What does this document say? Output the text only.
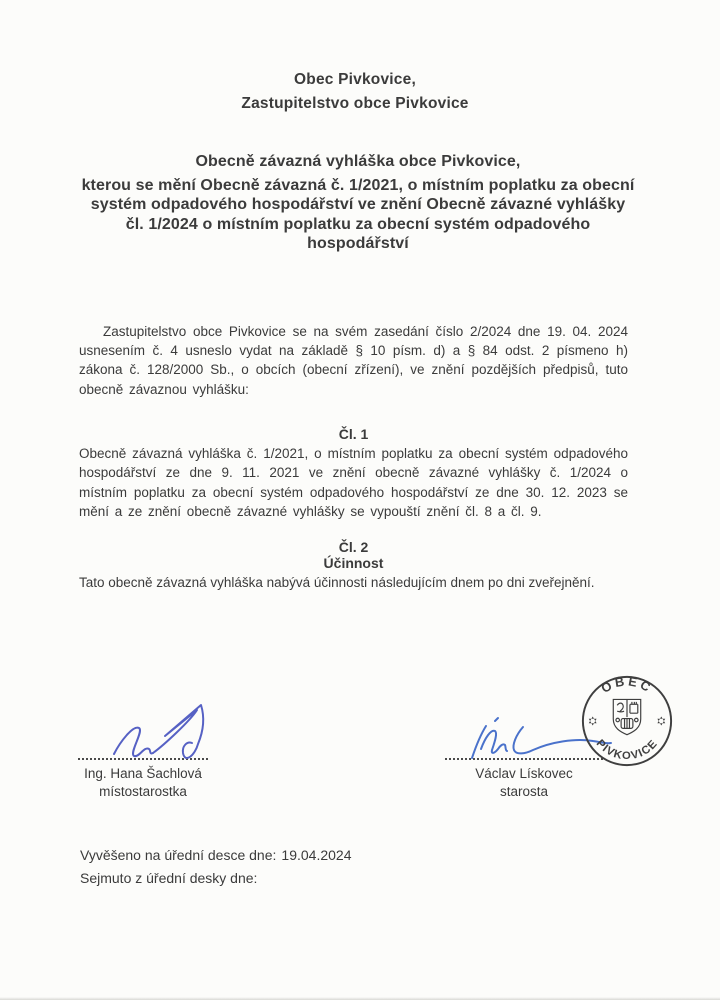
Obec Pivkovice,
Zastupitelstvo obce Pivkovice
Obecně závazná vyhláška obce Pivkovice,
kterou se mění Obecně závazná č. 1/2021, o místním poplatku za obecní systém odpadového hospodářství ve znění Obecně závazné vyhlášky čl. 1/2024 o místním poplatku za obecní systém odpadového hospodářství

Zastupitelstvo obce Pivkovice se na svém zasedání číslo 2/2024 dne 19. 04. 2024 usnesením č. 4 usneslo vydat na základě § 10 písm. d) a § 84 odst. 2 písmeno h) zákona č. 128/2000 Sb., o obcích (obecní zřízení), ve znění pozdějších předpisů, tuto obecně závaznou vyhlášku:

Čl. 1
Obecně závazná vyhláška č. 1/2021, o místním poplatku za obecní systém odpadového hospodářství ze dne 9. 11. 2021 ve znění obecně závazné vyhlášky č. 1/2024 o místním poplatku za obecní systém odpadového hospodářství ze dne 30. 12. 2023 se mění a ze znění obecně závazné vyhlášky se vypouští znění čl. 8 a čl. 9.
Čl. 2
Účinnost
Tato obecně závazná vyhláška nabývá účinnosti následujícím dnem po dni zveřejnění.
Ing. Hana Šachlová
místostarostka
Václav Lískovec
starosta
OBEC
PIVKOVICE
Vyvěšeno na úřední desce dne: 19.04.2024
Sejmuto z úřední desky dne:
